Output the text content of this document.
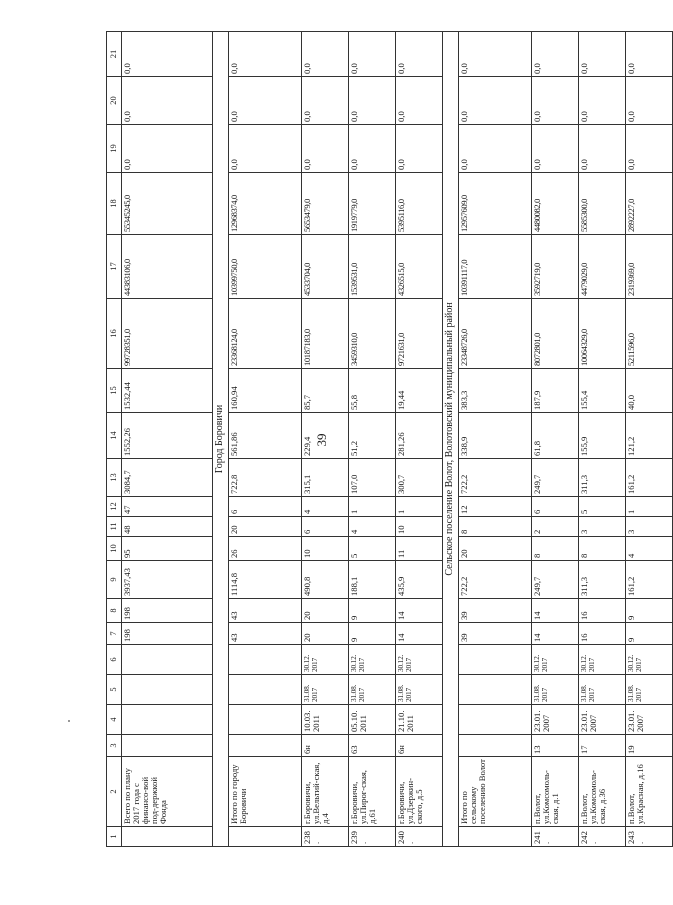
39
1	2	3	4	5	6	7	8	9	10	11	12	13	14	15	16	17	18	19	20	21
	Всего по плану 2017 года с финансо-вой под-держкой Фонда					198	198	3937,43	95	48	47	3084,7	1552,26	1532,44	99728351,0	44383106,0	55345245,0	0,0	0,0	0,0
Город Боровичи																				
	Итого по городу Боровичи					43	43	1114,8	26	20	6	722,8	561,86	160,94	23368124,0	10399750,0	12968374,0	0,0	0,0	0,0
238.	г.Боровичи, ул.Вельтий-ская, д.4	6н	10.03. 2011	31.08. 2017	30.12. 2017	20	20	490,8	10	6	4	315,1	229,4	85,7	10187183,0	4533704,0	5653479,0	0,0	0,0	0,0
239.	г.Боровичи, ул.Пирог-ская, д.61	63	05.10. 2011	31.08. 2017	30.12. 2017	9	9	188,1	5	4	1	107,0	51,2	55,8	3459310,0	1539531,0	1919779,0	0,0	0,0	0,0
240.	г.Боровичи, ул.Дзержин-ского, д.5	6н	21.10. 2011	31.08. 2017	30.12. 2017	14	14	435,9	11	10	1	300,7	281,26	19,44	9721631,0	4326515,0	5395116,0	0,0	0,0	0,0
Сельское поселение Волот, Волотовский муниципальный район																				
	Итого по сельскому поселению Волот					39	39	722,2	20	8	12	722,2	338,9	383,3	23348726,0	10391117,0	12957609,0	0,0	0,0	0,0
241.	п.Волот, ул.Комсомоль-ская, д.1	13	23.01. 2007	31.08. 2017	30.12. 2017	14	14	249,7	8	2	6	249,7	61,8	187,9	8072801,0	3592719,0	4480082,0	0,0	0,0	0,0
242.	п.Волот, ул.Комсомоль-ская, д.36	17	23.01. 2007	31.08. 2017	30.12. 2017	16	16	311,3	8	3	5	311,3	155,9	155,4	10064329,0	4479029,0	5585300,0	0,0	0,0	0,0
243.	п.Волот, ул.Красная, д.16	19	23.01. 2007	31.08. 2017	30.12. 2017	9	9	161,2	4	3	1	161,2	121,2	40,0	5211596,0	2319369,0	2892227,0	0,0	0,0	0,0
